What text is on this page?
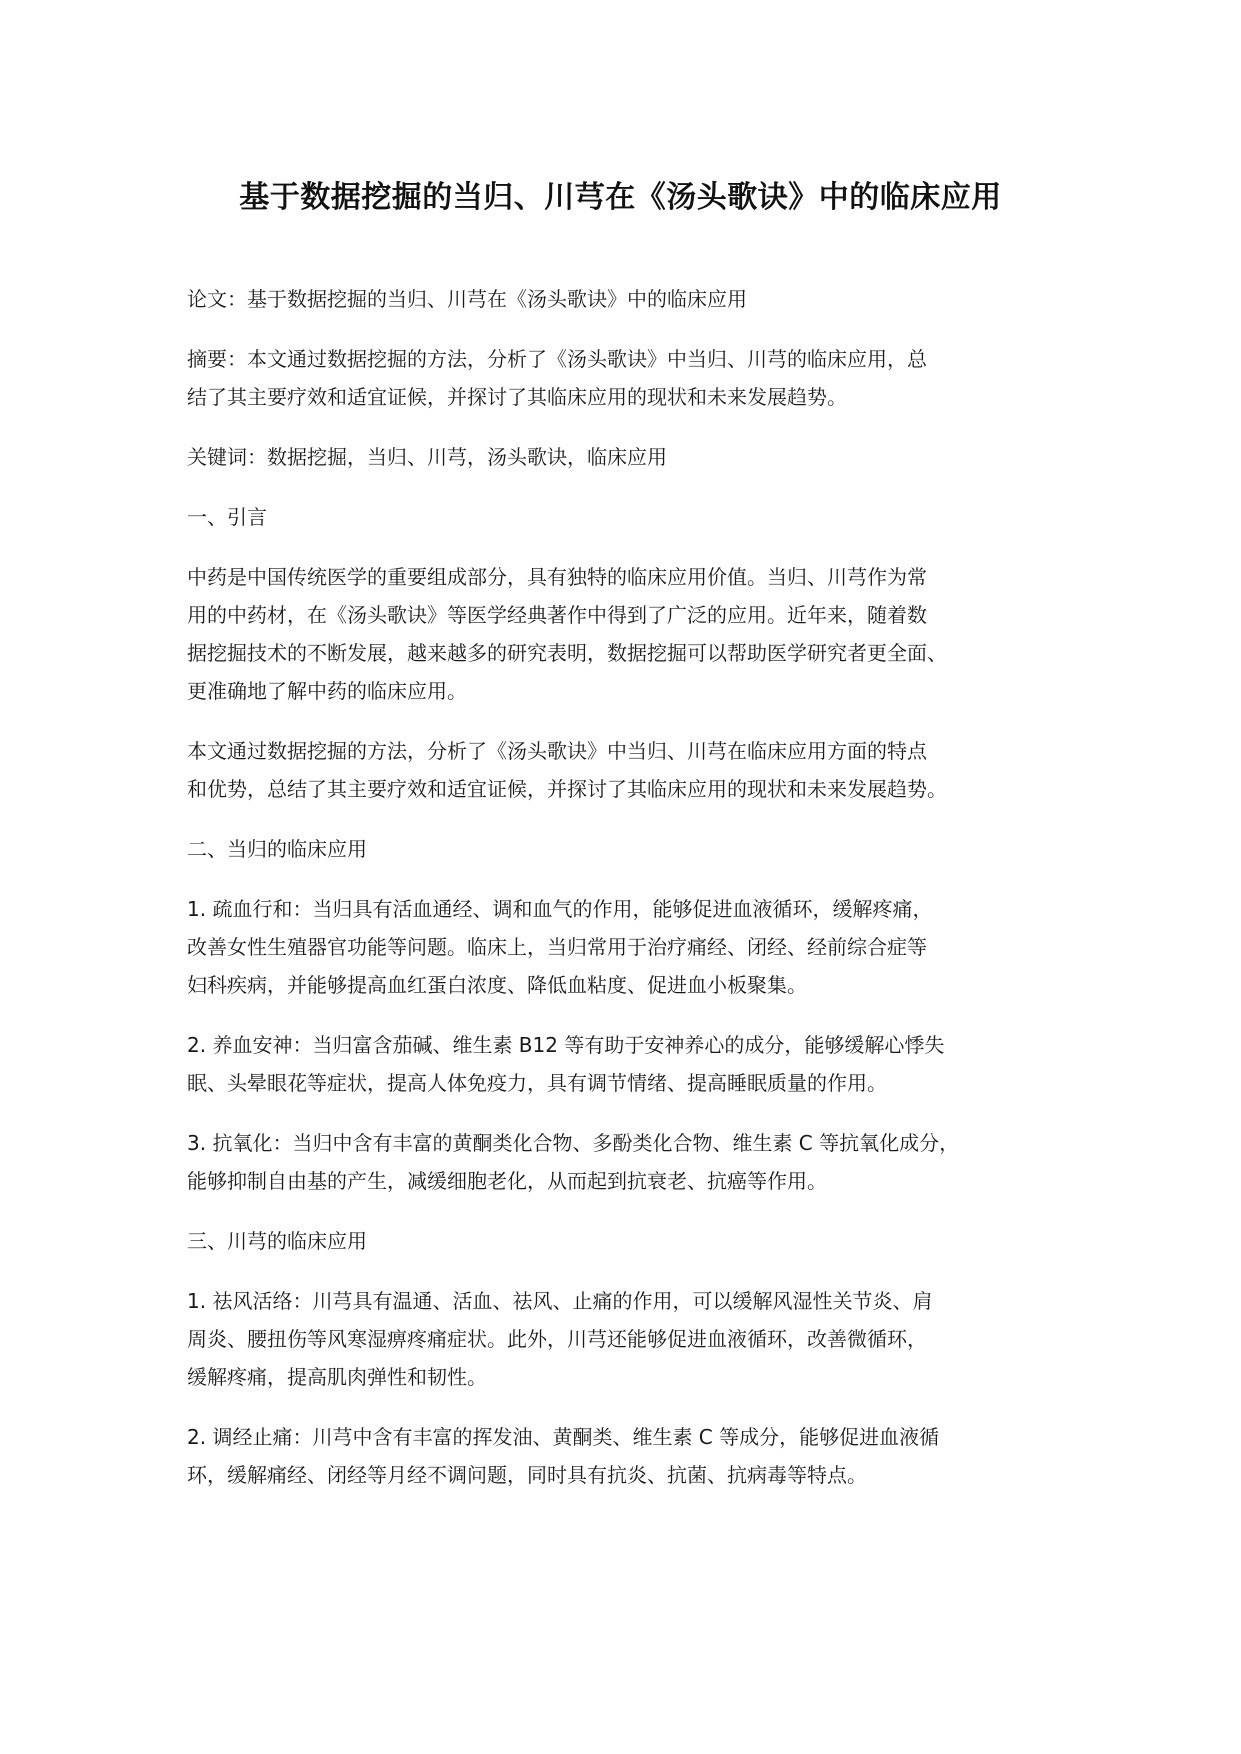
基于数据挖掘的当归、川芎在《汤头歌诀》中的临床应用
论文：基于数据挖掘的当归、川芎在《汤头歌诀》中的临床应用
摘要：本文通过数据挖掘的方法，分析了《汤头歌诀》中当归、川芎的临床应用，总
结了其主要疗效和适宜证候，并探讨了其临床应用的现状和未来发展趋势。
关键词：数据挖掘，当归、川芎，汤头歌诀，临床应用
一、引言
中药是中国传统医学的重要组成部分，具有独特的临床应用价值。当归、川芎作为常
用的中药材，在《汤头歌诀》等医学经典著作中得到了广泛的应用。近年来，随着数
据挖掘技术的不断发展，越来越多的研究表明，数据挖掘可以帮助医学研究者更全面、
更准确地了解中药的临床应用。
本文通过数据挖掘的方法，分析了《汤头歌诀》中当归、川芎在临床应用方面的特点
和优势，总结了其主要疗效和适宜证候，并探讨了其临床应用的现状和未来发展趋势。
二、当归的临床应用
1. 疏血行和：当归具有活血通经、调和血气的作用，能够促进血液循环，缓解疼痛，
改善女性生殖器官功能等问题。临床上，当归常用于治疗痛经、闭经、经前综合症等
妇科疾病，并能够提高血红蛋白浓度、降低血粘度、促进血小板聚集。
2. 养血安神：当归富含茄碱、维生素 B12 等有助于安神养心的成分，能够缓解心悸失
眠、头晕眼花等症状，提高人体免疫力，具有调节情绪、提高睡眠质量的作用。
3. 抗氧化：当归中含有丰富的黄酮类化合物、多酚类化合物、维生素 C 等抗氧化成分，
能够抑制自由基的产生，减缓细胞老化，从而起到抗衰老、抗癌等作用。
三、川芎的临床应用
1. 祛风活络：川芎具有温通、活血、祛风、止痛的作用，可以缓解风湿性关节炎、肩
周炎、腰扭伤等风寒湿痹疼痛症状。此外，川芎还能够促进血液循环，改善微循环，
缓解疼痛，提高肌肉弹性和韧性。
2. 调经止痛：川芎中含有丰富的挥发油、黄酮类、维生素 C 等成分，能够促进血液循
环，缓解痛经、闭经等月经不调问题，同时具有抗炎、抗菌、抗病毒等特点。
